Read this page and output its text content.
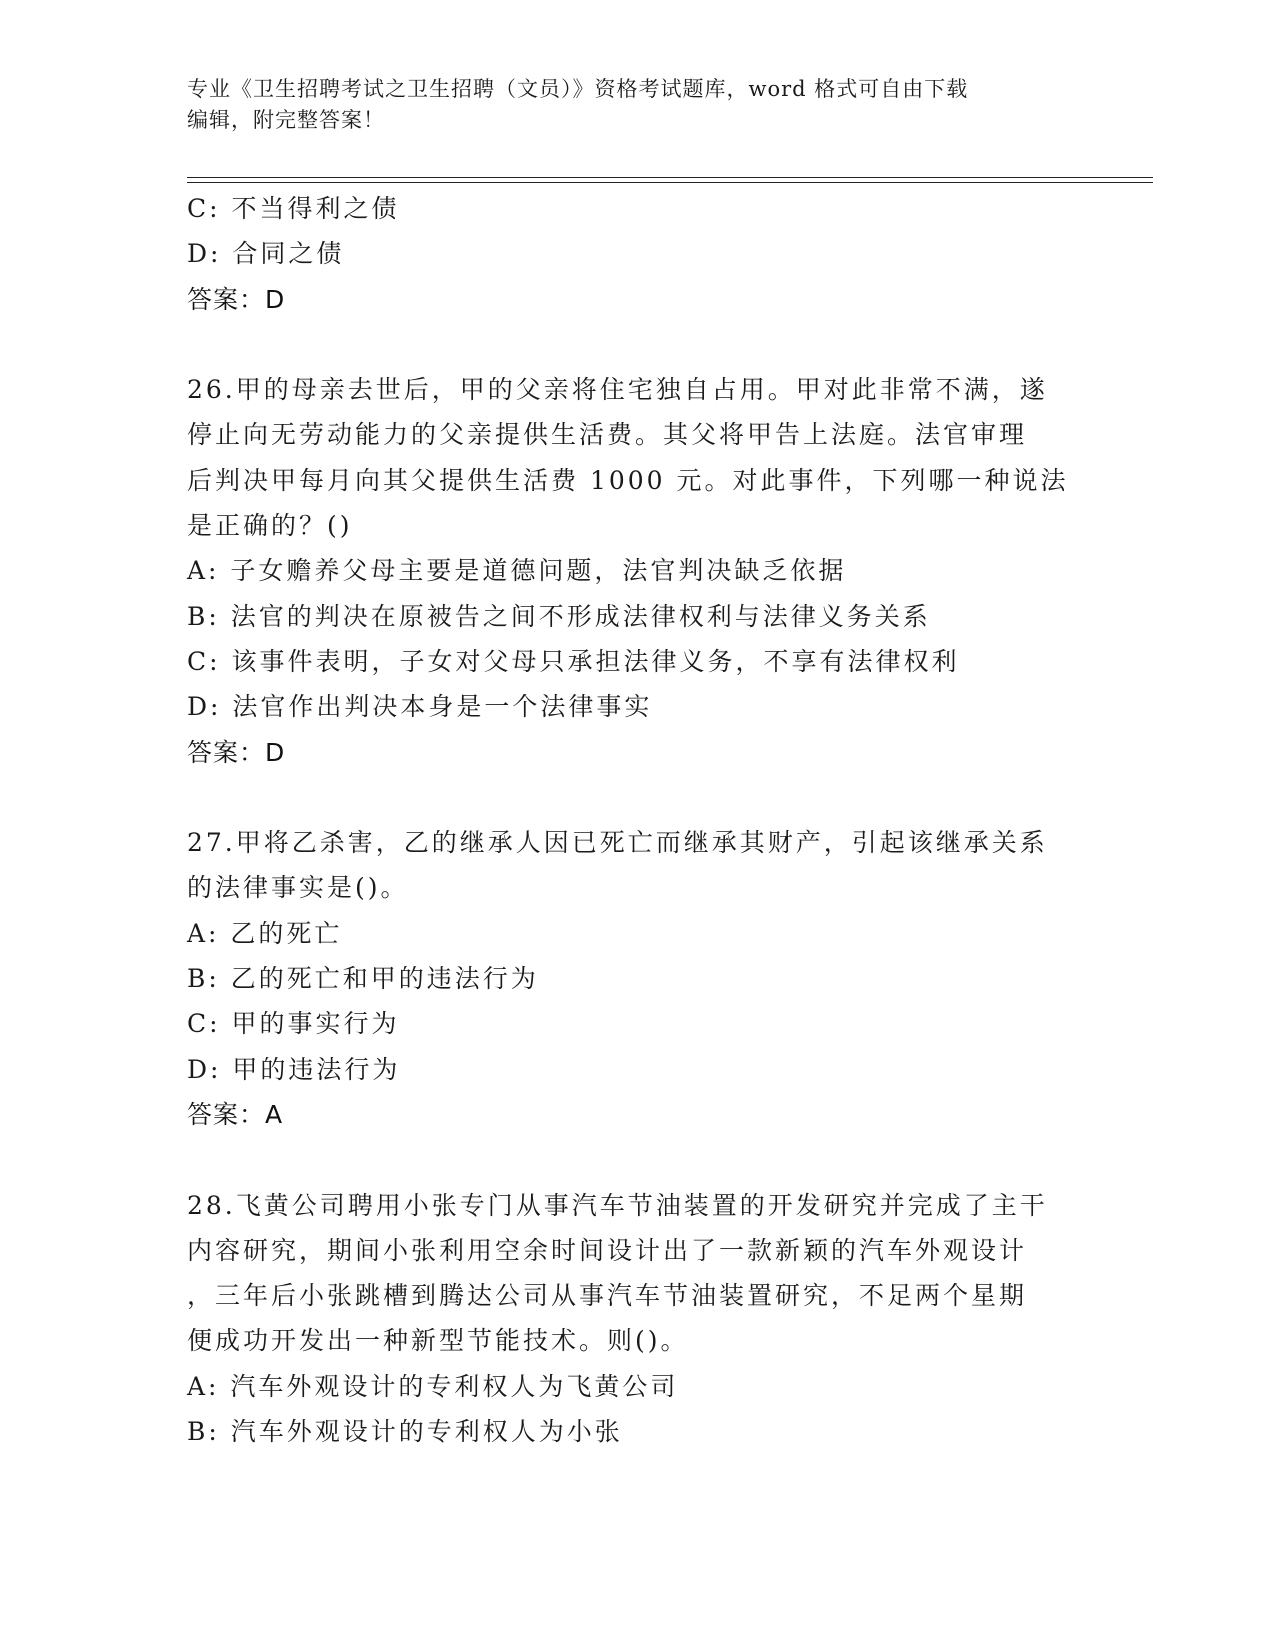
专业《卫生招聘考试之卫生招聘（文员）》资格考试题库，word 格式可自由下载
编辑，附完整答案！
C: 不当得利之债
D: 合同之债
答案：D
26.甲的母亲去世后，甲的父亲将住宅独自占用。甲对此非常不满，遂
停止向无劳动能力的父亲提供生活费。其父将甲告上法庭。法官审理
后判决甲每月向其父提供生活费 1000 元。对此事件，下列哪一种说法
是正确的？()
A: 子女赡养父母主要是道德问题，法官判决缺乏依据
B: 法官的判决在原被告之间不形成法律权利与法律义务关系
C: 该事件表明，子女对父母只承担法律义务，不享有法律权利
D: 法官作出判决本身是一个法律事实
答案：D
27.甲将乙杀害，乙的继承人因已死亡而继承其财产，引起该继承关系
的法律事实是()。
A: 乙的死亡
B: 乙的死亡和甲的违法行为
C: 甲的事实行为
D: 甲的违法行为
答案：A
28.飞黄公司聘用小张专门从事汽车节油装置的开发研究并完成了主干
内容研究，期间小张利用空余时间设计出了一款新颖的汽车外观设计
，三年后小张跳槽到腾达公司从事汽车节油装置研究，不足两个星期
便成功开发出一种新型节能技术。则()。
A: 汽车外观设计的专利权人为飞黄公司
B: 汽车外观设计的专利权人为小张
